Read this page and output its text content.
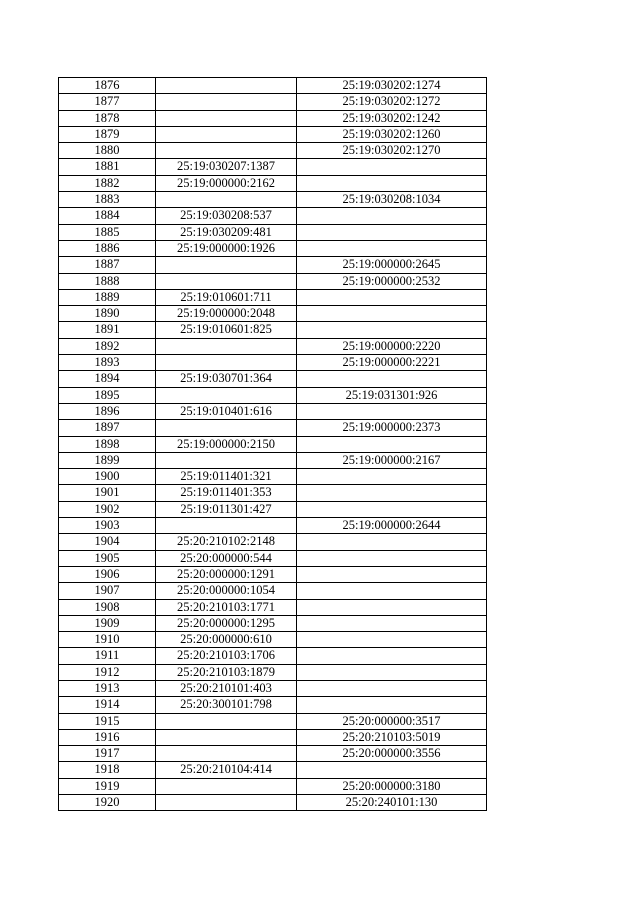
1876		25:19:030202:1274
1877		25:19:030202:1272
1878		25:19:030202:1242
1879		25:19:030202:1260
1880		25:19:030202:1270
1881	25:19:030207:1387	
1882	25:19:000000:2162	
1883		25:19:030208:1034
1884	25:19:030208:537	
1885	25:19:030209:481	
1886	25:19:000000:1926	
1887		25:19:000000:2645
1888		25:19:000000:2532
1889	25:19:010601:711	
1890	25:19:000000:2048	
1891	25:19:010601:825	
1892		25:19:000000:2220
1893		25:19:000000:2221
1894	25:19:030701:364	
1895		25:19:031301:926
1896	25:19:010401:616	
1897		25:19:000000:2373
1898	25:19:000000:2150	
1899		25:19:000000:2167
1900	25:19:011401:321	
1901	25:19:011401:353	
1902	25:19:011301:427	
1903		25:19:000000:2644
1904	25:20:210102:2148	
1905	25:20:000000:544	
1906	25:20:000000:1291	
1907	25:20:000000:1054	
1908	25:20:210103:1771	
1909	25:20:000000:1295	
1910	25:20:000000:610	
1911	25:20:210103:1706	
1912	25:20:210103:1879	
1913	25:20:210101:403	
1914	25:20:300101:798	
1915		25:20:000000:3517
1916		25:20:210103:5019
1917		25:20:000000:3556
1918	25:20:210104:414	
1919		25:20:000000:3180
1920		25:20:240101:130
